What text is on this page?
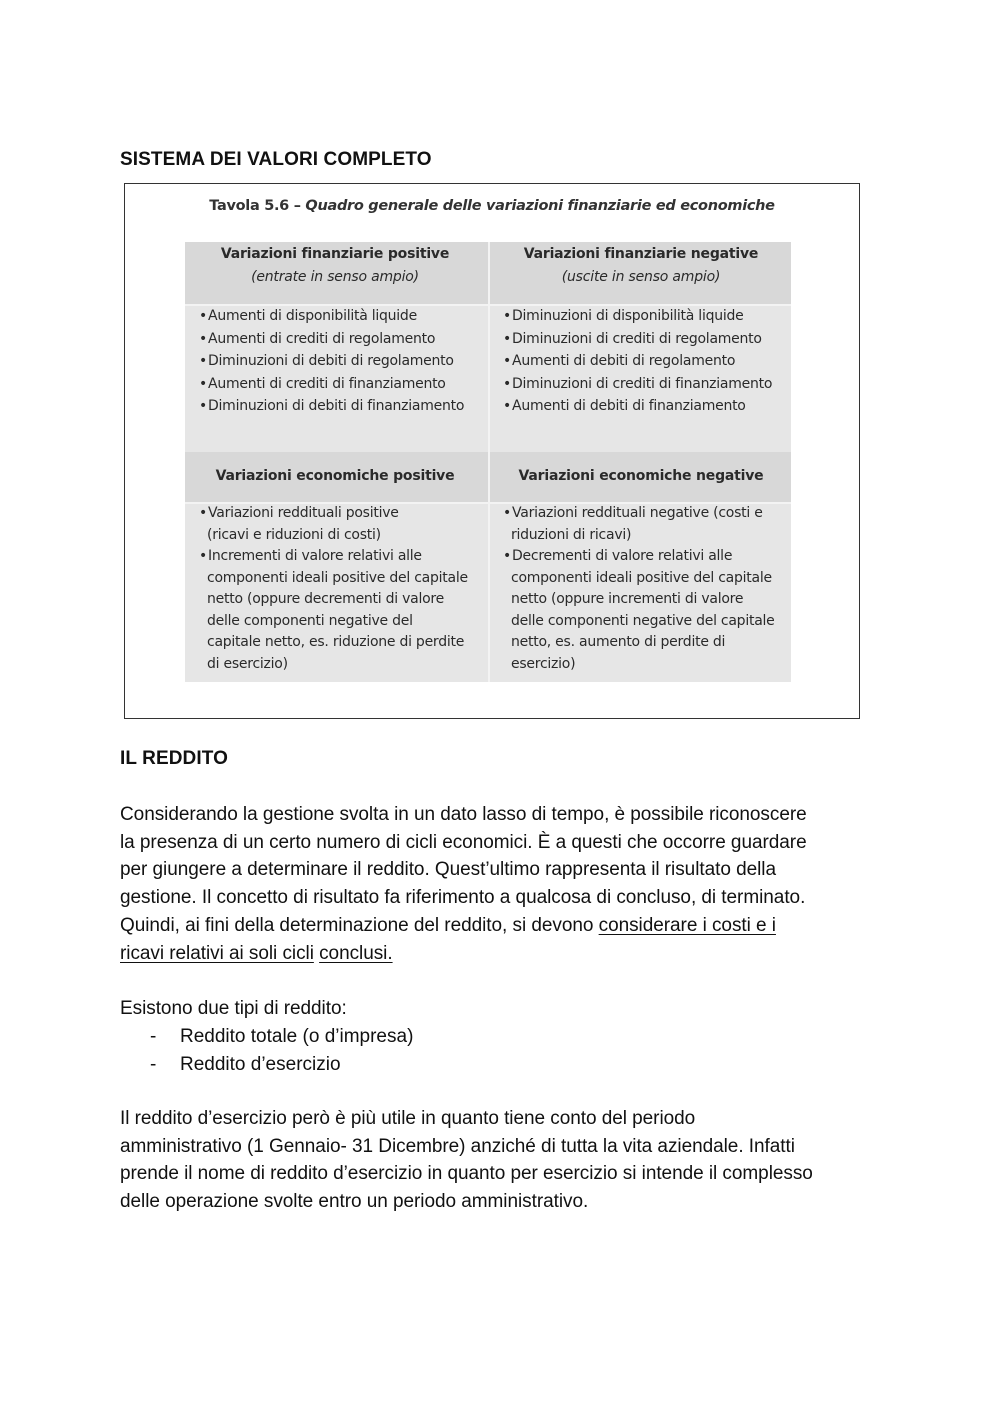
SISTEMA DEI VALORI COMPLETO
Tavola 5.6 – Quadro generale delle variazioni finanziarie ed economiche
Variazioni finanziarie positive
(entrate in senso ampio)
Variazioni finanziarie negative
(uscite in senso ampio)
• Aumenti di disponibilità liquide
• Aumenti di crediti di regolamento
• Diminuzioni di debiti di regolamento
• Aumenti di crediti di finanziamento
• Diminuzioni di debiti di finanziamento
• Diminuzioni di disponibilità liquide
• Diminuzioni di crediti di regolamento
• Aumenti di debiti di regolamento
• Diminuzioni di crediti di finanziamento
• Aumenti di debiti di finanziamento
Variazioni economiche positive	Variazioni economiche negative
• Variazioni reddituali positive
(ricavi e riduzioni di costi)
• Incrementi di valore relativi alle
componenti ideali positive del capitale
netto (oppure decrementi di valore
delle componenti negative del
capitale netto, es. riduzione di perdite
di esercizio)
• Variazioni reddituali negative (costi e
riduzioni di ricavi)
• Decrementi di valore relativi alle
componenti ideali positive del capitale
netto (oppure incrementi di valore
delle componenti negative del capitale
netto, es. aumento di perdite di
esercizio)
IL REDDITO

Considerando la gestione svolta in un dato lasso di tempo, è possibile riconoscere

la presenza di un certo numero di cicli economici. È a questi che occorre guardare

per giungere a determinare il reddito. Quest’ultimo rappresenta il risultato della

gestione. Il concetto di risultato fa riferimento a qualcosa di concluso, di terminato.

Quindi, ai fini della determinazione del reddito, si devono considerare i costi e i

ricavi relativi ai soli cicli conclusi.

Esistono due tipi di reddito:

- Reddito totale (o d’impresa)
- Reddito d’esercizio

Il reddito d’esercizio però è più utile in quanto tiene conto del periodo

amministrativo (1 Gennaio- 31 Dicembre) anziché di tutta la vita aziendale. Infatti

prende il nome di reddito d’esercizio in quanto per esercizio si intende il complesso

delle operazione svolte entro un periodo amministrativo.
